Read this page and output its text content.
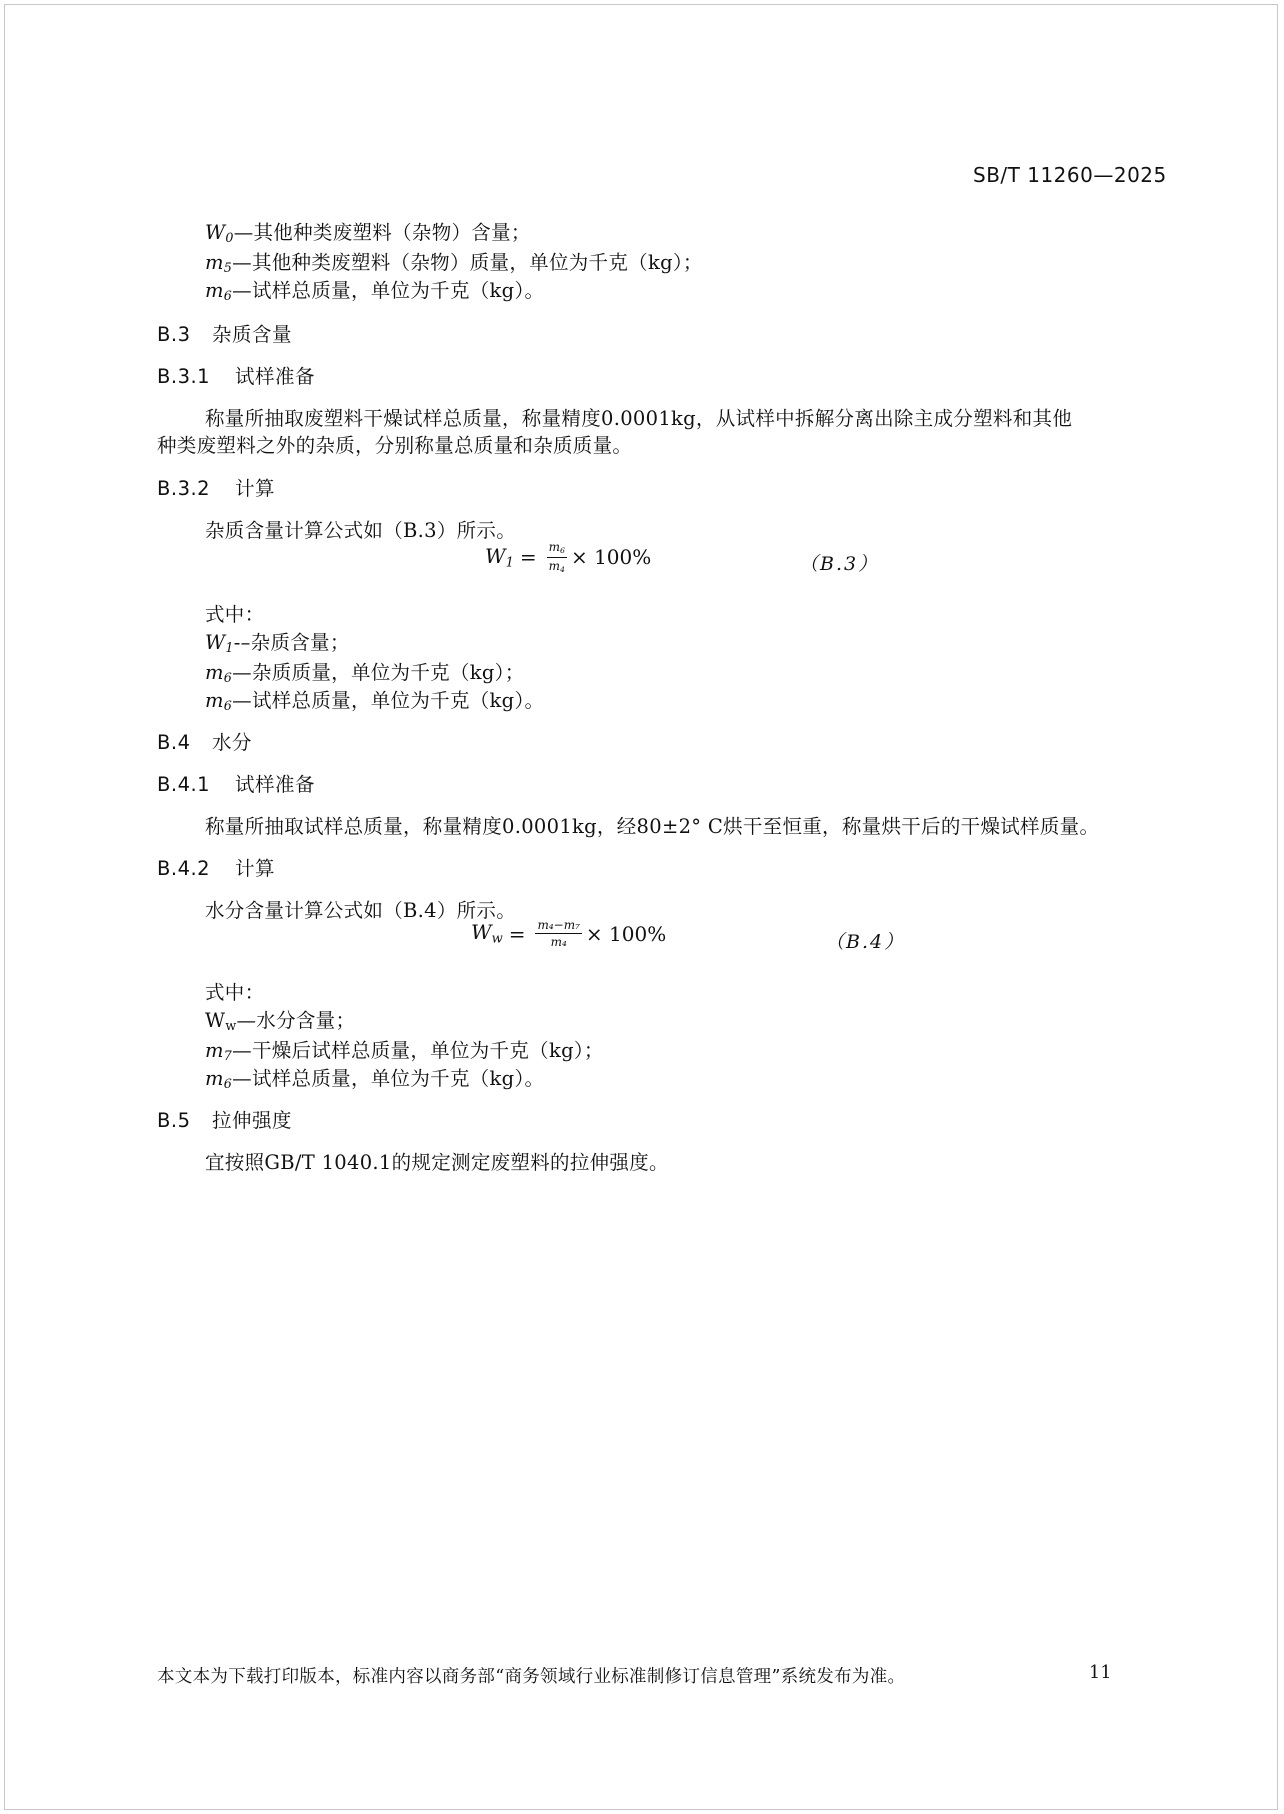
SB/T 11260—2025
$W_0—$其他种类废塑料（杂物）含量；
$m_5—$其他种类废塑料（杂物）质量，单位为千克（kg）；
$m_6—$试样总质量，单位为千克（kg）。
B.3 杂质含量
B.3.1 试样准备
称量所抽取废塑料干燥试样总质量，称量精度0.0001kg，从试样中拆解分离出除主成分塑料和其他
种类废塑料之外的杂质，分别称量总质量和杂质质量。
B.3.2 计算
杂质含量计算公式如（B.3）所示。
$W_1 = \frac{m_6}{m_4} \times 100\%$	（B.3）
式中：
$W_1--$杂质含量；
$m_6—$杂质质量，单位为千克（kg）；
$m_6—$试样总质量，单位为千克（kg）。
B.4 水分
B.4.1 试样准备
称量所抽取试样总质量，称量精度0.0001kg，经80±2° C烘干至恒重，称量烘干后的干燥试样质量。
B.4.2 计算
水分含量计算公式如（B.4）所示。
$W_w = \frac{\text{m₄−m₇}}{\text{m₄}} \times 100\%$	（B.4）
式中：
$W_w—$水分含量；
$m_7—$干燥后试样总质量，单位为千克（kg）；
$m_6—$试样总质量，单位为千克（kg）。
B.5 拉伸强度
宜按照GB/T 1040.1的规定测定废塑料的拉伸强度。
本文本为下载打印版本，标准内容以商务部“商务领域行业标准制修订信息管理”系统发布为准。	11
